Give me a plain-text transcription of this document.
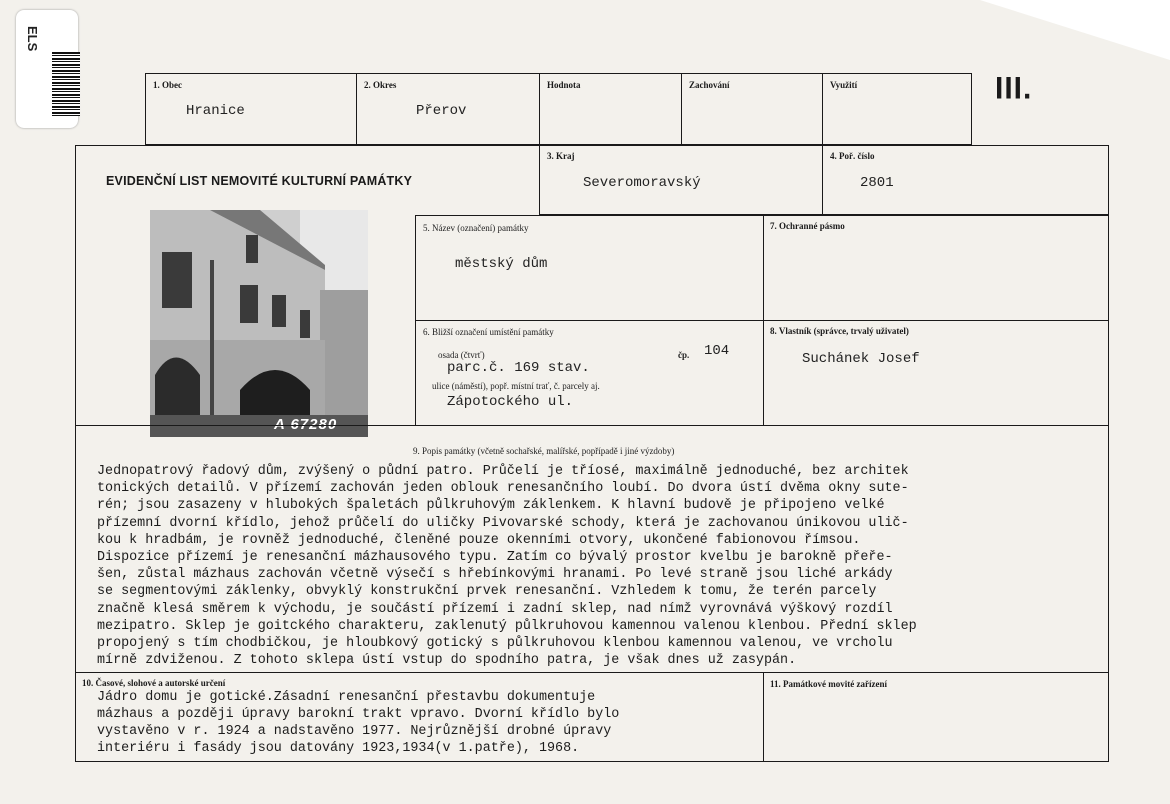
ELS
III.
1. Obec
Hranice
2. Okres
Přerov
Hodnota	Zachování	Využití
EVIDENČNÍ LIST NEMOVITÉ KULTURNÍ PAMÁTKY
3. Kraj
Severomoravský
4. Poř. číslo
2801
A 67280
5. Název (označení) památky
městský dům
7. Ochranné pásmo
6. Bližší označení umístění památky
osada (čtvrť)	čp. 104
parc.č. 169 stav.
ulice (náměstí), popř. místní trať, č. parcely aj.
Zápotockého ul.
8. Vlastník (správce, trvalý uživatel)
Suchánek Josef
9. Popis památky (včetně sochařské, malířské, popřípadě i jiné výzdoby)
Jednopatrový řadový dům, zvýšený o půdní patro. Průčelí je tříosé, maximálně jednoduché, bez architek
tonických detailů. V přízemí zachován jeden oblouk renesančního loubí. Do dvora ústí dvěma okny sute-
rén; jsou zasazeny v hlubokých špaletách půlkruhovým záklenkem. K hlavní budově je připojeno velké
přízemní dvorní křídlo, jehož průčelí do uličky Pivovarské schody, která je zachovanou únikovou ulič-
kou k hradbám, je rovněž jednoduché, členěné pouze okenními otvory, ukončené fabionovou římsou.
Dispozice přízemí je renesanční mázhausového typu. Zatím co bývalý prostor kvelbu je barokně přeře-
šen, zůstal mázhaus zachován včetně výsečí s hřebínkovými hranami. Po levé straně jsou liché arkády
se segmentovými záklenky, obvyklý konstrukční prvek renesanční. Vzhledem k tomu, že terén parcely
značně klesá směrem k východu, je součástí přízemí i zadní sklep, nad nímž vyrovnává výškový rozdíl
mezipatro. Sklep je goitckého charakteru, zaklenutý půlkruhovou kamennou valenou klenbou. Přední sklep
propojený s tím chodbičkou, je hloubkový gotický s půlkruhovou klenbou kamennou valenou, ve vrcholu
mírně zdviženou. Z tohoto sklepa ústí vstup do spodního patra, je však dnes už zasypán.
10. Časové, slohové a autorské určení
Jádro domu je gotické.Zásadní renesanční přestavbu dokumentuje
mázhaus a později úpravy barokní trakt vpravo. Dvorní křídlo bylo
vystavěno v r. 1924 a nadstavěno 1977. Nejrůznější drobné úpravy
interiéru i fasády jsou datovány 1923,1934(v 1.patře), 1968.
11. Památkové movité zařízení
